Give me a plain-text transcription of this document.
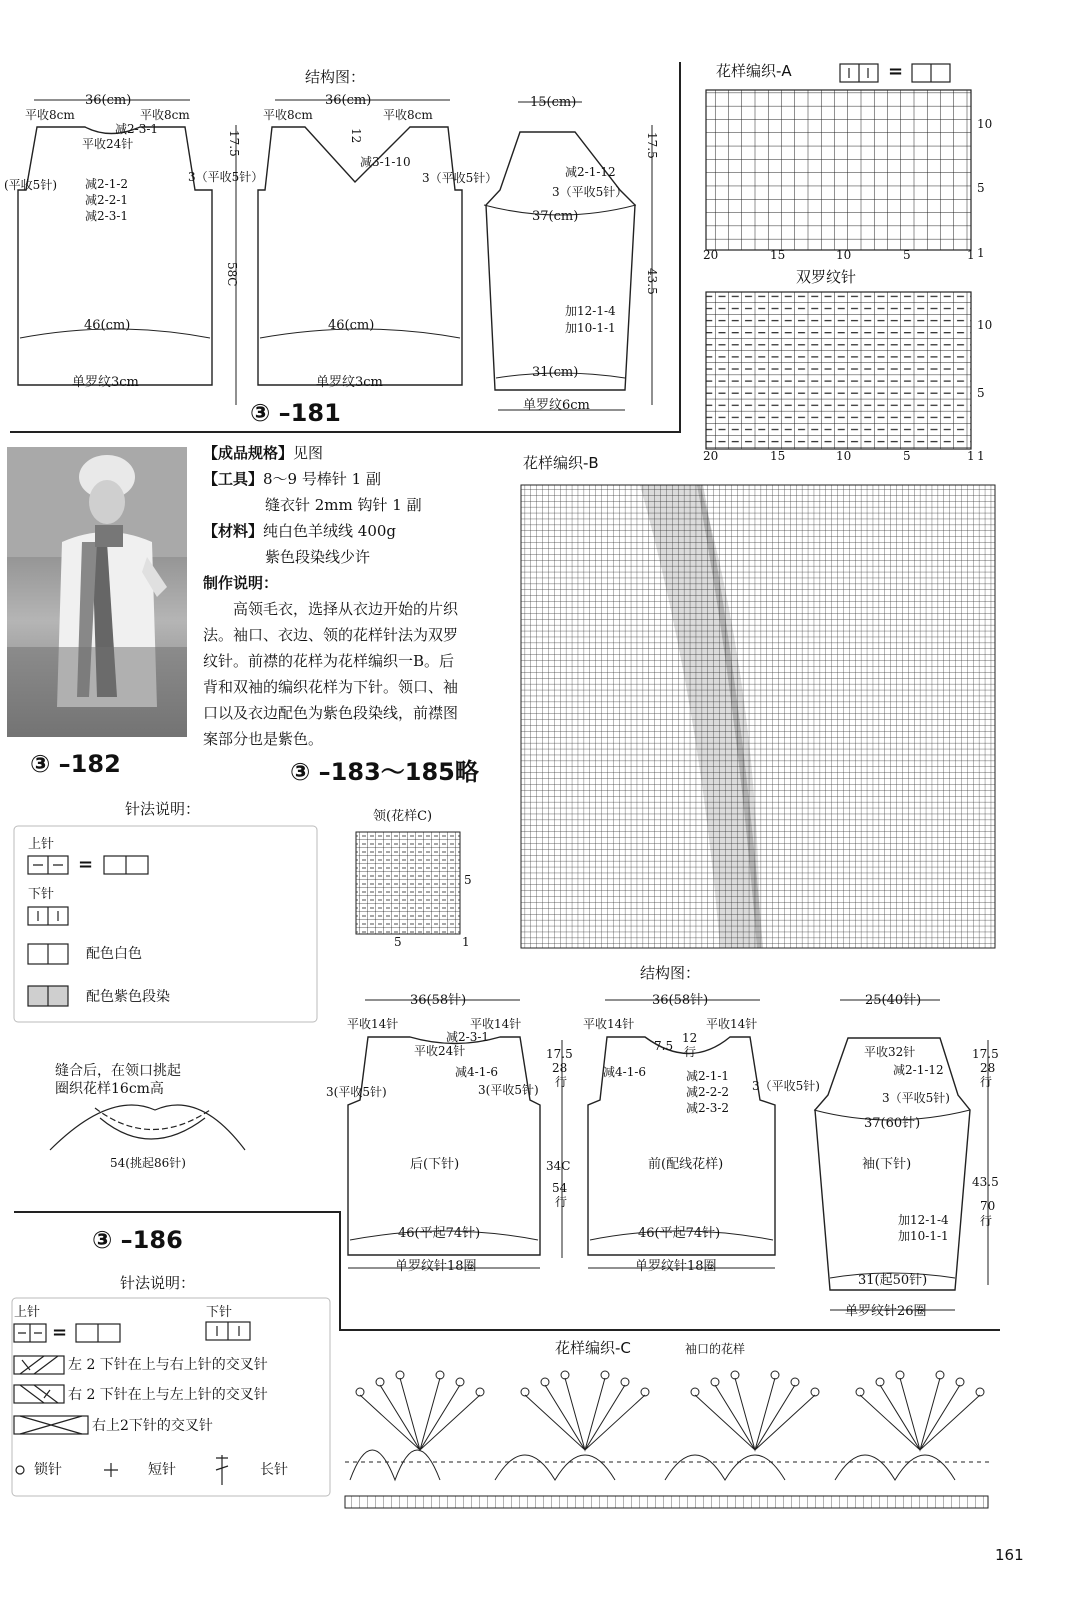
结构图：
36(cm)
平收8cm	平收8cm
减2-3-1
平收24针
(平收5针) 减2-1-2
减2-2-1
减2-3-1
46(cm)
单罗纹3cm
36(cm)
平收8cm	平收8cm
12
减3-1-10
3（平收5针）	3（平收5针）
17.5
58C
46(cm)
单罗纹3cm
15(cm)
减2-1-12
3（平收5针）
37(cm)
加12-1-4
加10-1-1
17.5
43.5
31(cm)
单罗纹6cm
③ –181
花样编织-A	=
10
5
1
20	15	10	5	1
双罗纹针
10
5
1
20	15	10	5	1
【成品规格】见图
【工具】8～9 号棒针 1 副
缝衣针 2mm 钩针 1 副
【材料】纯白色羊绒线 400g
紫色段染线少许
制作说明：
　　高领毛衣，选择从衣边开始的片织
法。袖口、衣边、领的花样针法为双罗
纹针。前襟的花样为花样编织一B。后
背和双袖的编织花样为下针。领口、袖
口以及衣边配色为紫色段染线，前襟图
案部分也是紫色。
③ –182	③ –183～185略
花样编织-B
针法说明：
上针
=
下针
配色白色
配色紫色段染
领(花样C)
5
5	1
缝合后，在领口挑起
圈织花样16cm高
54(挑起86针)
结构图：
36(58针)
平收14针	平收14针
减2-3-1
平收24针
减4-1-6
3(平收5针)	3(平收5针)
后(下针)
46(平起74针)
单罗纹针18圈
17.5
28
行
34C
54
行
36(58针)
平收14针	平收14针
7.5
12
行
减4-1-6	减2-1-1
减2-2-2
减2-3-2
3（平收5针)
前(配线花样)
46(平起74针)
单罗纹针18圈
25(40针)
平收32针
减2-1-12
3（平收5针)
37(60针)
袖(下针)
加12-1-4
加10-1-1
31(起50针)
单罗纹针26圈
17.5
28
行
43.5
70
行
③ –186
针法说明：
上针
=
下针
左 2 下针在上与右上针的交叉针
右 2 下针在上与左上针的交叉针
右上2下针的交叉针
锁针	短针	长针
花样编织-C	袖口的花样
161
